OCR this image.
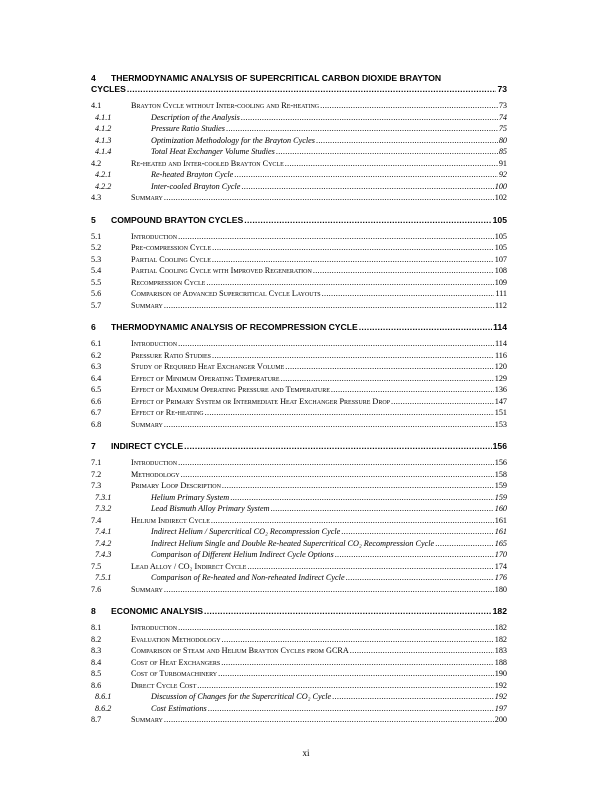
4	THERMODYNAMIC ANALYSIS OF SUPERCRITICAL CARBON DIOXIDE BRAYTON
CYCLES .....	73
4.1	Brayton Cycle without Inter-cooling and Re-heating .....	73
4.1.1	Description of the Analysis .....	74
4.1.2	Pressure Ratio Studies .....	75
4.1.3	Optimization Methodology for the Brayton Cycles .....	80
4.1.4	Total Heat Exchanger Volume Studies .....	85
4.2	Re-heated and Inter-cooled Brayton Cycle .....	91
4.2.1	Re-heated Brayton Cycle .....	92
4.2.2	Inter-cooled Brayton Cycle .....	100
4.3	Summary .....	102
5	COMPOUND BRAYTON CYCLES .....	105
5.1	Introduction .....	105
5.2	Pre-compression Cycle .....	105
5.3	Partial Cooling Cycle .....	107
5.4	Partial Cooling Cycle with Improved Regeneration .....	108
5.5	Recompression Cycle .....	109
5.6	Comparison of Advanced Supercritical Cycle Layouts .....	111
5.7	Summary .....	112
6	THERMODYNAMIC ANALYSIS OF RECOMPRESSION CYCLE .....	114
6.1	Introduction .....	114
6.2	Pressure Ratio Studies .....	116
6.3	Study of Required Heat Exchanger Volume .....	120
6.4	Effect of Minimum Operating Temperature .....	129
6.5	Effect of Maximum Operating Pressure and Temperature .....	136
6.6	Effect of Primary System or Intermediate Heat Exchanger Pressure Drop .....	147
6.7	Effect of Re-heating .....	151
6.8	Summary .....	153
7	INDIRECT CYCLE .....	156
7.1	Introduction .....	156
7.2	Methodology .....	158
7.3	Primary Loop Description .....	159
7.3.1	Helium Primary System .....	159
7.3.2	Lead Bismuth Alloy Primary System .....	160
7.4	Helium Indirect Cycle .....	161
7.4.1	Indirect Helium / Supercritical CO₂ Recompression Cycle .....	161
7.4.2	Indirect Helium Single and Double Re-heated Supercritical CO₂ Recompression Cycle .....	165
7.4.3	Comparison of Different Helium Indirect Cycle Options .....	170
7.5	Lead Alloy / CO₂ Indirect Cycle .....	174
7.5.1	Comparison of Re-heated and Non-reheated Indirect Cycle .....	176
7.6	Summary .....	180
8	ECONOMIC ANALYSIS .....	182
8.1	Introduction .....	182
8.2	Evaluation Methodology .....	182
8.3	Comparison of Steam and Helium Brayton Cycles from GCRA .....	183
8.4	Cost of Heat Exchangers .....	188
8.5	Cost of Turbomachinery .....	190
8.6	Direct Cycle Cost .....	192
8.6.1	Discussion of Changes for the Supercritical CO₂ Cycle .....	192
8.6.2	Cost Estimations .....	197
8.7	Summary .....	200
xi
